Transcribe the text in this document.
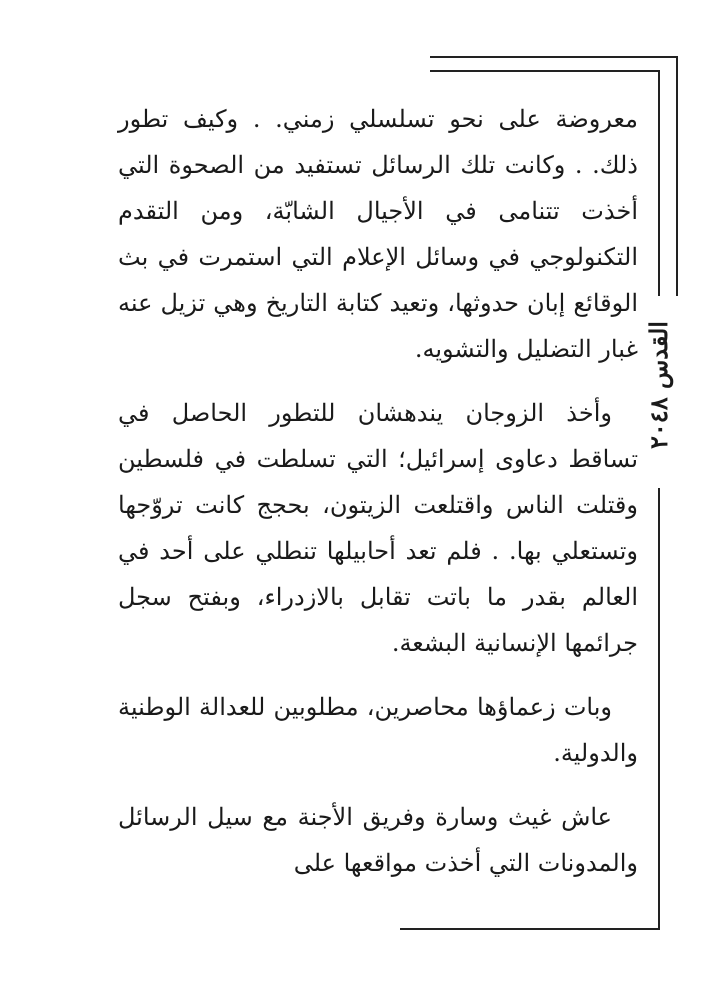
القدس ٢٠٤٨

معروضة على نحو تسلسلي زمني. . وكيف تطور ذلك. . وكانت تلك الرسائل تستفيد من الصحوة التي أخذت تتنامى في الأجيال الشابّة، ومن التقدم التكنولوجي في وسائل الإعلام التي استمرت في بث الوقائع إبان حدوثها، وتعيد كتابة التاريخ وهي تزيل عنه غبار التضليل والتشويه.

وأخذ الزوجان يندهشان للتطور الحاصل في تساقط دعاوى إسرائيل؛ التي تسلطت في فلسطين وقتلت الناس واقتلعت الزيتون، بحجج كانت تروّجها وتستعلي بها. . فلم تعد أحابيلها تنطلي على أحد في العالم بقدر ما باتت تقابل بالازدراء، وبفتح سجل جرائمها الإنسانية البشعة.

وبات زعماؤها محاصرين، مطلوبين للعدالة الوطنية والدولية.

عاش غيث وسارة وفريق الأجنة مع سيل الرسائل والمدونات التي أخذت مواقعها على
